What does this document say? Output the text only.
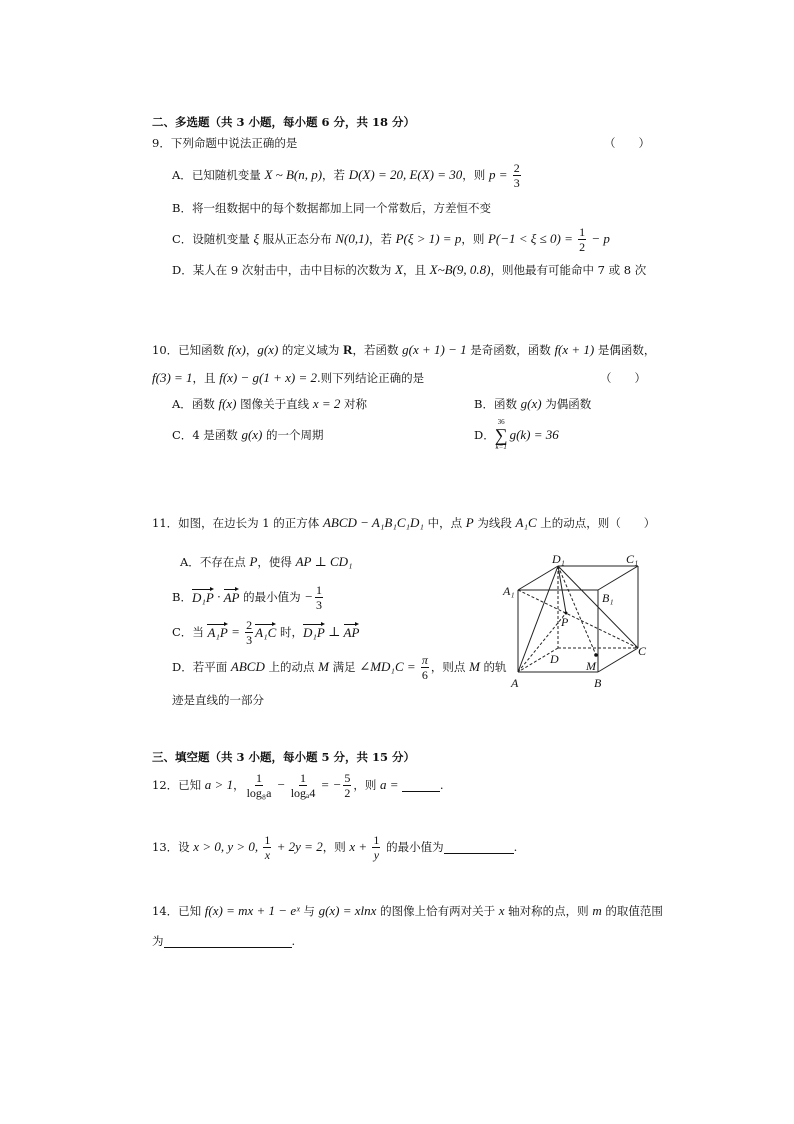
二、多选题（共 3 小题，每小题 6 分，共 18 分）
9． 下列命题中说法正确的是	（　　）
A． 已知随机变量 X ~ B(n, p) ，若 D(X) = 20, E(X) = 30 ，则 $p = \frac{2}{3}$
B． 将一组数据中的每个数据都加上同一个常数后，方差恒不变
C． 设随机变量 ξ 服从正态分布 N(0,1) ，若 P(ξ > 1) = p ，则 $P(-1 < \xi \le 0) = \frac{1}{2} - p$
D． 某人在 9 次射击中，击中目标的次数为 X ，且 X~B(9, 0.8) ，则他最有可能命中 7 或 8 次
10． 已知函数 f(x) ， g(x) 的定义域为 R ，若函数 g(x + 1) − 1 是奇函数，函数 f(x + 1) 是偶函数，
f(3) = 1 ，且 f(x) − g(1 + x) = 2 .则下列结论正确的是	（　　）
A． 函数 f(x) 图像关于直线 x = 2 对称	B． 函数 g(x) 为偶函数
C． 4 是函数 g(x) 的一个周期	D．
36
∑
k=1
g(k) = 36
11． 如图，在边长为 1 的正方体 ABCD − A₁B₁C₁D₁ 中，点 P 为线段 A₁C 上的动点，则 （　　）
A． 不存在点 P ，使得 AP ⊥ CD₁
B． D₁P · AP 的最小值为 − $\frac{1}{3}$
C． 当 $A_1P = \frac{2}{3} A_1C$ 时， D₁P ⊥ AP
D． 若平面 ABCD 上的动点 M 满足 ∠MD₁C = $\frac{\pi}{6}$ ，则点 M 的轨
迹是直线的一部分
D₁	C₁
A₁	B₁
P
D M
C
A	B
三、填空题（共 3 小题，每小题 5 分，共 15 分）
12． 已知 a > 1 ， $\frac{1}{\text{log₈a}} - \frac{1}{\text{logₐ4}}$ = − $\frac{5}{2}$ ，则 a =	.
13． 设 x > 0, y > 0, $\frac{1}{x} + 2y = 2$ ，则 $x + \frac{1}{y}$ 的最小值为	.
14． 已知 f(x) = mx + 1 − eˣ 与 g(x) = xlnx 的图像上恰有两对关于 x 轴对称的点，则 m 的取值范围
为	.
